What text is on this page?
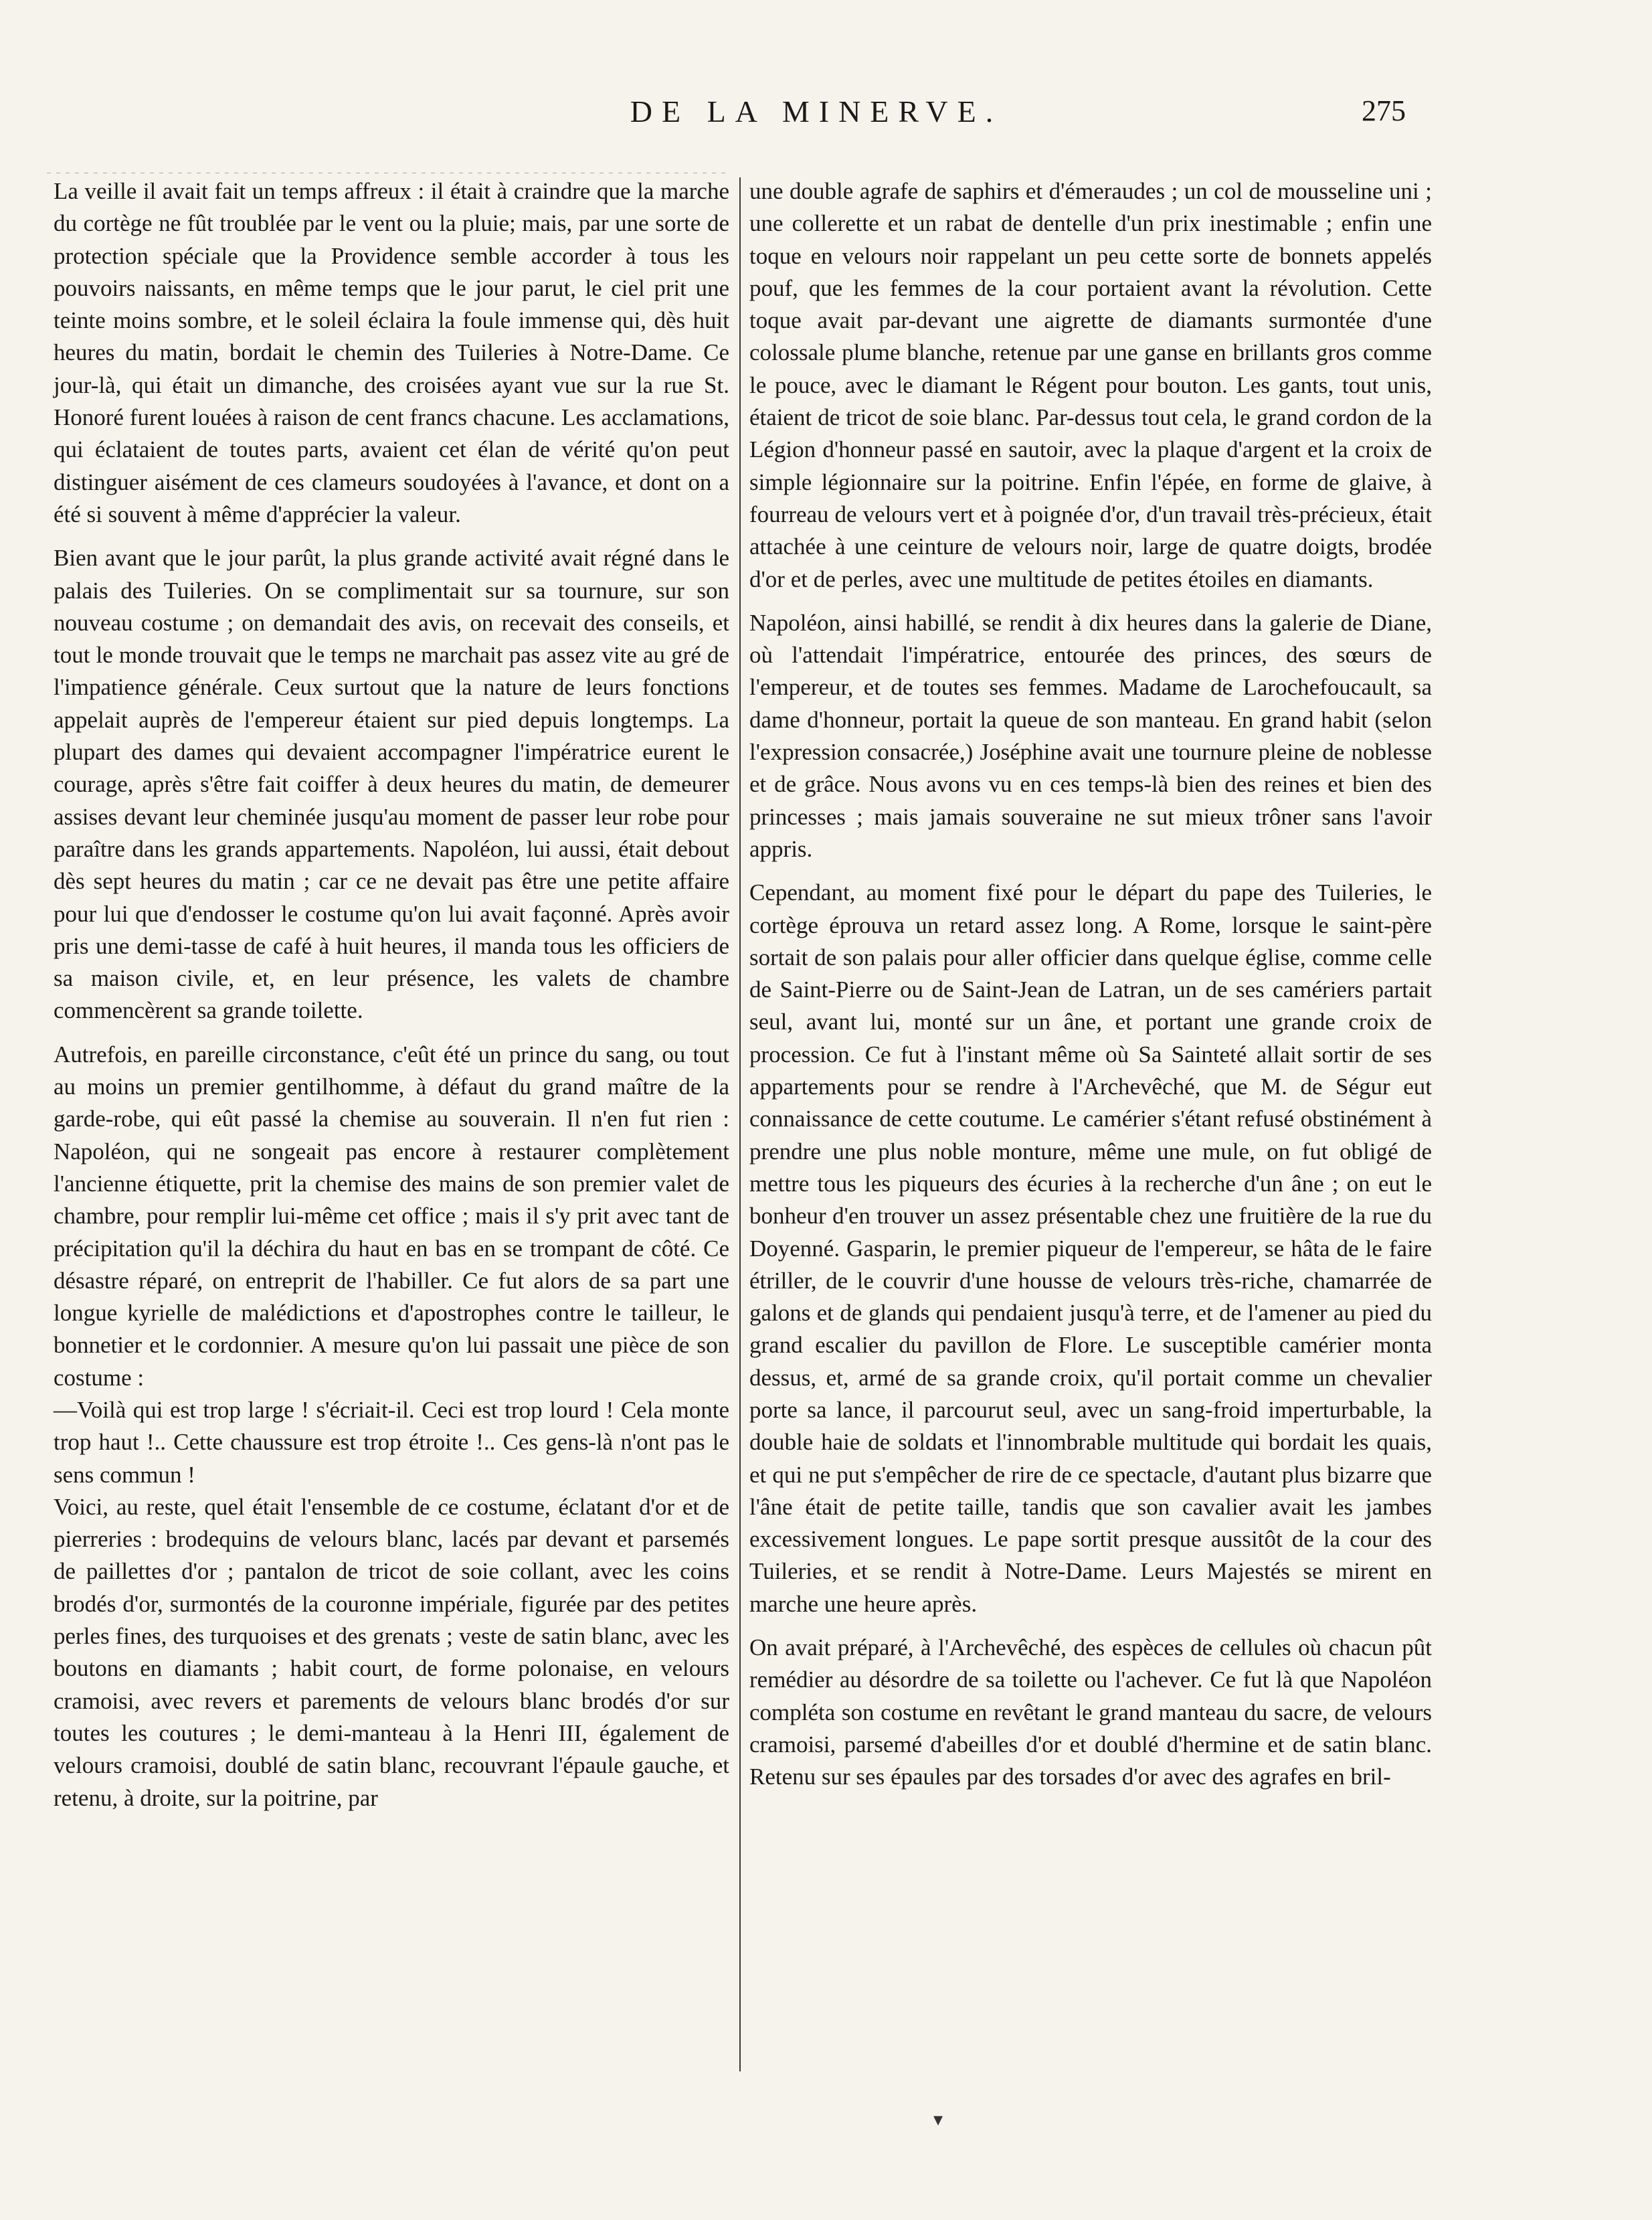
DE LA MINERVE.	275

La veille il avait fait un temps affreux : il était à craindre que la marche du cortège ne fût troublée par le vent ou la pluie; mais, par une sorte de protection spéciale que la Providence semble accorder à tous les pouvoirs naissants, en même temps que le jour parut, le ciel prit une teinte moins sombre, et le soleil éclaira la foule immense qui, dès huit heures du matin, bordait le chemin des Tuileries à Notre-Dame. Ce jour-là, qui était un dimanche, des croisées ayant vue sur la rue St. Honoré furent louées à raison de cent francs chacune. Les acclamations, qui éclataient de toutes parts, avaient cet élan de vérité qu'on peut distinguer aisément de ces clameurs soudoyées à l'avance, et dont on a été si souvent à même d'apprécier la valeur.

Bien avant que le jour parût, la plus grande activité avait régné dans le palais des Tuileries. On se complimentait sur sa tournure, sur son nouveau costume ; on demandait des avis, on recevait des conseils, et tout le monde trouvait que le temps ne marchait pas assez vite au gré de l'impatience générale. Ceux surtout que la nature de leurs fonctions appelait auprès de l'empereur étaient sur pied depuis longtemps. La plupart des dames qui devaient accompagner l'impératrice eurent le courage, après s'être fait coiffer à deux heures du matin, de demeurer assises devant leur cheminée jusqu'au moment de passer leur robe pour paraître dans les grands appartements. Napoléon, lui aussi, était debout dès sept heures du matin ; car ce ne devait pas être une petite affaire pour lui que d'endosser le costume qu'on lui avait façonné. Après avoir pris une demi-tasse de café à huit heures, il manda tous les officiers de sa maison civile, et, en leur présence, les valets de chambre commencèrent sa grande toilette.

Autrefois, en pareille circonstance, c'eût été un prince du sang, ou tout au moins un premier gentilhomme, à défaut du grand maître de la garde-robe, qui eût passé la chemise au souverain. Il n'en fut rien : Napoléon, qui ne songeait pas encore à restaurer complètement l'ancienne étiquette, prit la chemise des mains de son premier valet de chambre, pour remplir lui-même cet office ; mais il s'y prit avec tant de précipitation qu'il la déchira du haut en bas en se trompant de côté. Ce désastre réparé, on entreprit de l'habiller. Ce fut alors de sa part une longue kyrielle de malédictions et d'apostrophes contre le tailleur, le bonnetier et le cordonnier. A mesure qu'on lui passait une pièce de son costume :

—Voilà qui est trop large ! s'écriait-il. Ceci est trop lourd ! Cela monte trop haut !.. Cette chaussure est trop étroite !.. Ces gens-là n'ont pas le sens commun !

Voici, au reste, quel était l'ensemble de ce costume, éclatant d'or et de pierreries : brodequins de velours blanc, lacés par devant et parsemés de paillettes d'or ; pantalon de tricot de soie collant, avec les coins brodés d'or, surmontés de la couronne impériale, figurée par des petites perles fines, des turquoises et des grenats ; veste de satin blanc, avec les boutons en diamants ; habit court, de forme polonaise, en velours cramoisi, avec revers et parements de velours blanc brodés d'or sur toutes les coutures ; le demi-manteau à la Henri III, également de velours cramoisi, doublé de satin blanc, recouvrant l'épaule gauche, et retenu, à droite, sur la poitrine, par

une double agrafe de saphirs et d'émeraudes ; un col de mousseline uni ; une collerette et un rabat de dentelle d'un prix inestimable ; enfin une toque en velours noir rappelant un peu cette sorte de bonnets appelés pouf, que les femmes de la cour portaient avant la révolution. Cette toque avait par-devant une aigrette de diamants surmontée d'une colossale plume blanche, retenue par une ganse en brillants gros comme le pouce, avec le diamant le Régent pour bouton. Les gants, tout unis, étaient de tricot de soie blanc. Par-dessus tout cela, le grand cordon de la Légion d'honneur passé en sautoir, avec la plaque d'argent et la croix de simple légionnaire sur la poitrine. Enfin l'épée, en forme de glaive, à fourreau de velours vert et à poignée d'or, d'un travail très-précieux, était attachée à une ceinture de velours noir, large de quatre doigts, brodée d'or et de perles, avec une multitude de petites étoiles en diamants.

Napoléon, ainsi habillé, se rendit à dix heures dans la galerie de Diane, où l'attendait l'impératrice, entourée des princes, des sœurs de l'empereur, et de toutes ses femmes. Madame de Larochefoucault, sa dame d'honneur, portait la queue de son manteau. En grand habit (selon l'expression consacrée,) Joséphine avait une tournure pleine de noblesse et de grâce. Nous avons vu en ces temps-là bien des reines et bien des princesses ; mais jamais souveraine ne sut mieux trôner sans l'avoir appris.

Cependant, au moment fixé pour le départ du pape des Tuileries, le cortège éprouva un retard assez long. A Rome, lorsque le saint-père sortait de son palais pour aller officier dans quelque église, comme celle de Saint-Pierre ou de Saint-Jean de Latran, un de ses camériers partait seul, avant lui, monté sur un âne, et portant une grande croix de procession. Ce fut à l'instant même où Sa Sainteté allait sortir de ses appartements pour se rendre à l'Archevêché, que M. de Ségur eut connaissance de cette coutume. Le camérier s'étant refusé obstinément à prendre une plus noble monture, même une mule, on fut obligé de mettre tous les piqueurs des écuries à la recherche d'un âne ; on eut le bonheur d'en trouver un assez présentable chez une fruitière de la rue du Doyenné. Gasparin, le premier piqueur de l'empereur, se hâta de le faire étriller, de le couvrir d'une housse de velours très-riche, chamarrée de galons et de glands qui pendaient jusqu'à terre, et de l'amener au pied du grand escalier du pavillon de Flore. Le susceptible camérier monta dessus, et, armé de sa grande croix, qu'il portait comme un chevalier porte sa lance, il parcourut seul, avec un sang-froid imperturbable, la double haie de soldats et l'innombrable multitude qui bordait les quais, et qui ne put s'empêcher de rire de ce spectacle, d'autant plus bizarre que l'âne était de petite taille, tandis que son cavalier avait les jambes excessivement longues. Le pape sortit presque aussitôt de la cour des Tuileries, et se rendit à Notre-Dame. Leurs Majestés se mirent en marche une heure après.

On avait préparé, à l'Archevêché, des espèces de cellules où chacun pût remédier au désordre de sa toilette ou l'achever. Ce fut là que Napoléon compléta son costume en revêtant le grand manteau du sacre, de velours cramoisi, parsemé d'abeilles d'or et doublé d'hermine et de satin blanc. Retenu sur ses épaules par des torsades d'or avec des agrafes en bril-

▾
